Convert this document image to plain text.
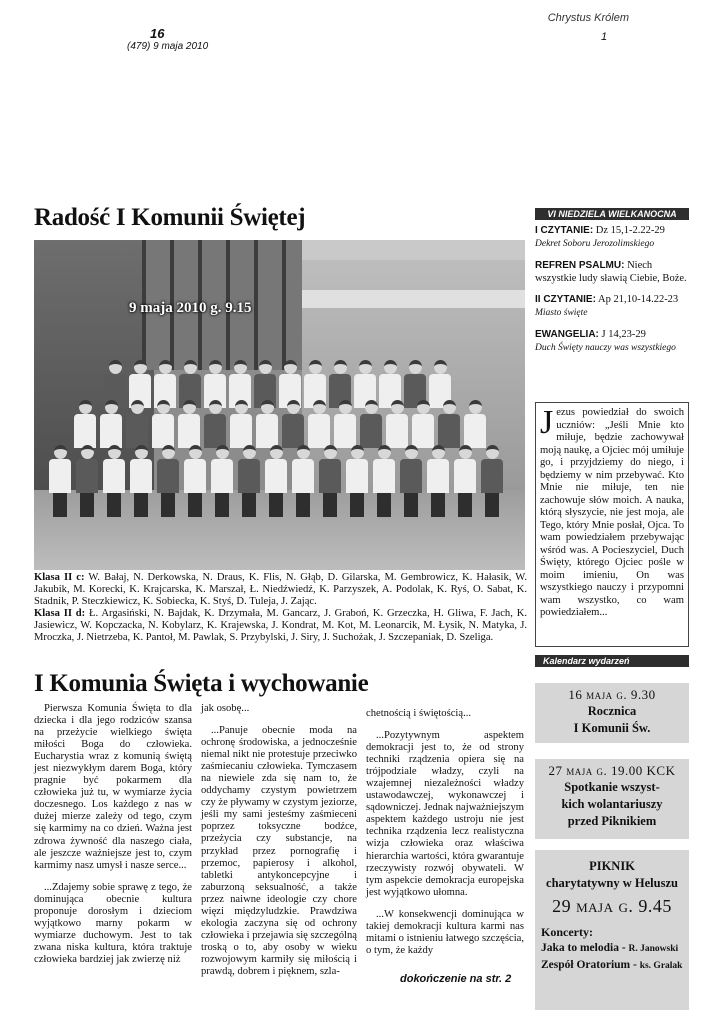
16
(479) 9 maja 2010
Chrystus Królem
1
Radość I Komunii Świętej
9 maja 2010 g. 9.15
Klasa II c: W. Bałaj, N. Derkowska, N. Draus, K. Flis, N. Głąb, D. Gilarska, M. Gembrowicz, K. Hałasik, W. Jakubik, M. Korecki, K. Krajcarska, K. Marszał, Ł. Niedźwiedź, K. Parzyszek, A. Podolak, K. Ryś, O. Sabat, K. Stadnik, P. Steczkiewicz, K. Sobiecka, K. Styś, D. Tuleja, J. Zając.
Klasa II d: Ł. Argasiński, N. Bajdak, K. Drzymała, M. Gancarz, J. Graboń, K. Grzeczka, H. Gliwa, F. Jach, K. Jasiewicz, W. Kopczacka, N. Kobylarz, K. Krajewska, J. Kondrat, M. Kot, M. Leonarcik, M. Łysik, N. Matyka, J. Mroczka, J. Nietrzeba, K. Pantoł, M. Pawlak, S. Przybylski, J. Siry, J. Suchożak, J. Szczepaniak, D. Szeliga.
I Komunia Święta i wychowanie

Pierwsza Komunia Święta to dla dziecka i dla jego rodziców szansa na przeżycie wielkiego święta miłości Boga do człowieka. Eucharystia wraz z komunią świętą jest niezwykłym darem Boga, który pragnie być pokarmem dla człowieka już tu, w wymiarze życia doczesnego. Los każdego z nas w dużej mierze zależy od tego, czym się karmimy na co dzień. Ważna jest zdrowa żywność dla naszego ciała, ale jeszcze ważniejsze jest to, czym karmimy nasz umysł i nasze serce...

...Zdajemy sobie sprawę z tego, że dominująca obecnie kultura proponuje dorosłym i dzieciom wyjątkowo marny pokarm w wymiarze duchowym. Jest to tak zwana niska kultura, która traktuje człowieka bardziej jak zwierzę niż

jak osobę...

...Panuje obecnie moda na ochronę środowiska, a jednocześnie niemal nikt nie protestuje przeciwko zaśmiecaniu człowieka. Tymczasem na niewiele zda się nam to, że oddychamy czystym powietrzem czy że pływamy w czystym jeziorze, jeśli my sami jesteśmy zaśmieceni poprzez toksyczne bodźce, przeżycia czy substancje, na przykład przez pornografię i przemoc, papierosy i alkohol, tabletki antykoncepcyjne i zaburzoną seksualność, a także przez naiwne ideologie czy chore więzi międzyludzkie. Prawdziwa ekologia zaczyna się od ochrony człowieka i przejawia się szczególną troską o to, aby osoby w wieku rozwojowym karmiły się miłością i prawdą, dobrem i pięknem, szla-

chetnością i świętością...

...Pozytywnym aspektem demokracji jest to, że od strony techniki rządzenia opiera się na trójpodziale władzy, czyli na wzajemnej niezależności władzy ustawodawczej, wykonawczej i sądowniczej. Jednak najważniejszym aspektem każdego ustroju nie jest technika rządzenia lecz realistyczna wizja człowieka oraz właściwa hierarchia wartości, która gwarantuje rzeczywisty rozwój obywateli. W tym aspekcie demokracja europejska jest wyjątkowo ułomna.

...W konsekwencji dominująca w takiej demokracji kultura karmi nas mitami o istnieniu łatwego szczęścia, o tym, że każdy

dokończenie na str. 2
VI NIEDZIELA WIELKANOCNA
I CZYTANIE: Dz 15,1-2.22-29
Dekret Soboru Jerozolimskiego
REFREN PSALMU: Niech wszystkie ludy sławią Ciebie, Boże.
II CZYTANIE: Ap 21,10-14.22-23
Miasto święte
EWANGELIA: J 14,23-29
Duch Święty nauczy was wszystkiego
Jezus powiedział do swoich uczniów: „Jeśli Mnie kto miłuje, będzie zachowywał moją naukę, a Ojciec mój umiłuje go, i przyjdziemy do niego, i będziemy w nim przebywać. Kto Mnie nie miłuje, ten nie zachowuje słów moich. A nauka, którą słyszycie, nie jest moja, ale Tego, który Mnie posłał, Ojca. To wam powiedziałem przebywając wśród was. A Pocieszyciel, Duch Święty, którego Ojciec pośle w moim imieniu, On was wszystkiego nauczy i przypomni wam wszystko, co wam powiedziałem...
Kalendarz wydarzeń
16 maja g. 9.30
Rocznica
I Komunii Św.
27 maja g. 19.00 KCK
Spotkanie wszyst-
kich wolantariuszy
przed Piknikiem
PIKNIK
charytatywny w Heluszu
29 maja g. 9.45
Koncerty:
Jaka to melodia - R. Janowski
Zespół Oratorium - ks. Gralak
